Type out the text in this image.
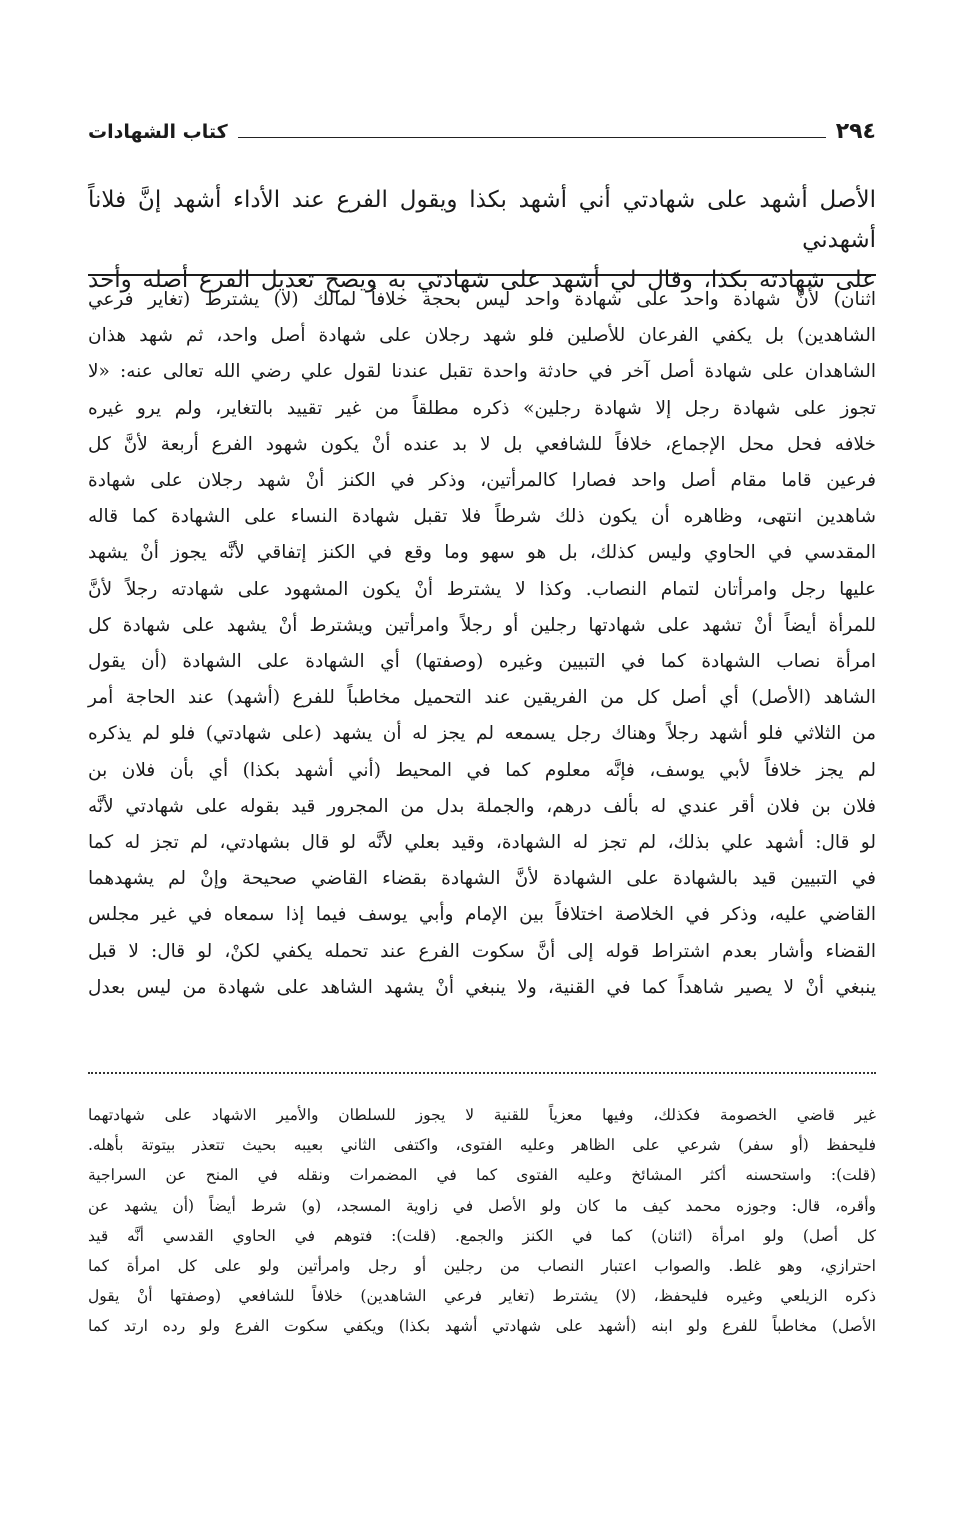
٢٩٤
كتاب الشهادات

الأصل أشهد على شهادتي أني أشهد بكذا ويقول الفرع عند الأداء أشهد إنَّ فلاناً أشهدني

على شهادته بكذا، وقال لي أشهد على شهادتي به ويصح تعديل الفرع أصله وأحد

اثنان) لأنَّ شهادة واحد على شهادة واحد ليس بحجة خلافاً لمالك (لا) يشترط (تغاير فرعي

الشاهدين) بل يكفي الفرعان للأصلين فلو شهد رجلان على شهادة أصل واحد، ثم شهد هذان

الشاهدان على شهادة أصل آخر في حادثة واحدة تقبل عندنا لقول علي رضي الله تعالى عنه: «لا

تجوز على شهادة رجل إلا شهادة رجلين» ذكره مطلقاً من غير تقييد بالتغاير، ولم يرو غيره

خلافه فحل محل الإجماع، خلافاً للشافعي بل لا بد عنده أنْ يكون شهود الفرع أربعة لأنَّ كل

فرعين قاما مقام أصل واحد فصارا كالمرأتين، وذكر في الكنز أنْ شهد رجلان على شهادة

شاهدين انتهى، وظاهره أن يكون ذلك شرطاً فلا تقبل شهادة النساء على الشهادة كما قاله

المقدسي في الحاوي وليس كذلك، بل هو سهو وما وقع في الكنز إتفاقي لأنَّه يجوز أنْ يشهد

عليها رجل وامرأتان لتمام النصاب. وكذا لا يشترط أنْ يكون المشهود على شهادته رجلاً لأنَّ

للمرأة أيضاً أنْ تشهد على شهادتها رجلين أو رجلاً وامرأتين ويشترط أنْ يشهد على شهادة كل

امرأة نصاب الشهادة كما في التبيين وغيره (وصفتها) أي الشهادة على الشهادة (أن يقول

الشاهد (الأصل) أي أصل كل من الفريقين عند التحميل مخاطباً للفرع (أشهد) عند الحاجة أمر

من الثلاثي فلو أشهد رجلاً وهناك رجل يسمعه لم يجز له أن يشهد (على شهادتي) فلو لم يذكره

لم يجز خلافاً لأبي يوسف، فإنَّه معلوم كما في المحيط (أني أشهد بكذا) أي بأن فلان بن

فلان بن فلان أقر عندي له بألف درهم، والجملة بدل من المجرور قيد بقوله على شهادتي لأنَّه

لو قال: أشهد علي بذلك، لم تجز له الشهادة، وقيد بعلي لأنَّه لو قال بشهادتي، لم تجز له كما

في التبيين قيد بالشهادة على الشهادة لأنَّ الشهادة بقضاء القاضي صحيحة وإنْ لم يشهدهما

القاضي عليه، وذكر في الخلاصة اختلافاً بين الإمام وأبي يوسف فيما إذا سمعاه في غير مجلس

القضاء وأشار بعدم اشتراط قوله إلى أنَّ سكوت الفرع عند تحمله يكفي لكنْ، لو قال: لا قبل

ينبغي أنْ لا يصير شاهداً كما في القنية، ولا ينبغي أنْ يشهد الشاهد على شهادة من ليس بعدل

غير قاضي الخصومة فكذلك، وفيها معزياً للقنية لا يجوز للسلطان والأمير الاشهاد على شهادتهما

فليحفظ (أو سفر) شرعي على الظاهر وعليه الفتوى، واكتفى الثاني بعيبه بحيث تتعذر بيتوتة بأهله.

(قلت): واستحسنه أكثر المشائخ وعليه الفتوى كما في المضمرات ونقله في المنح عن السراجية

وأقره، قال: وجوزه محمد كيف ما كان ولو الأصل في زاوية المسجد، (و) شرط أيضاً (أن يشهد عن

كل أصل) ولو امرأة (اثنان) كما في الكنز والجمع. (قلت): فتوهم في الحاوي القدسي أنَّه قيد

احترازي، وهو غلط. والصواب اعتبار النصاب من رجلين أو رجل وامرأتين ولو على كل امرأة كما

ذكره الزيلعي وغيره فليحفظ، (لا) يشترط (تغاير فرعي الشاهدين) خلافاً للشافعي (وصفتها أنْ يقول

الأصل) مخاطباً للفرع ولو ابنه (أشهد على شهادتي أشهد بكذا) ويكفي سكوت الفرع ولو رده ارتد كما
